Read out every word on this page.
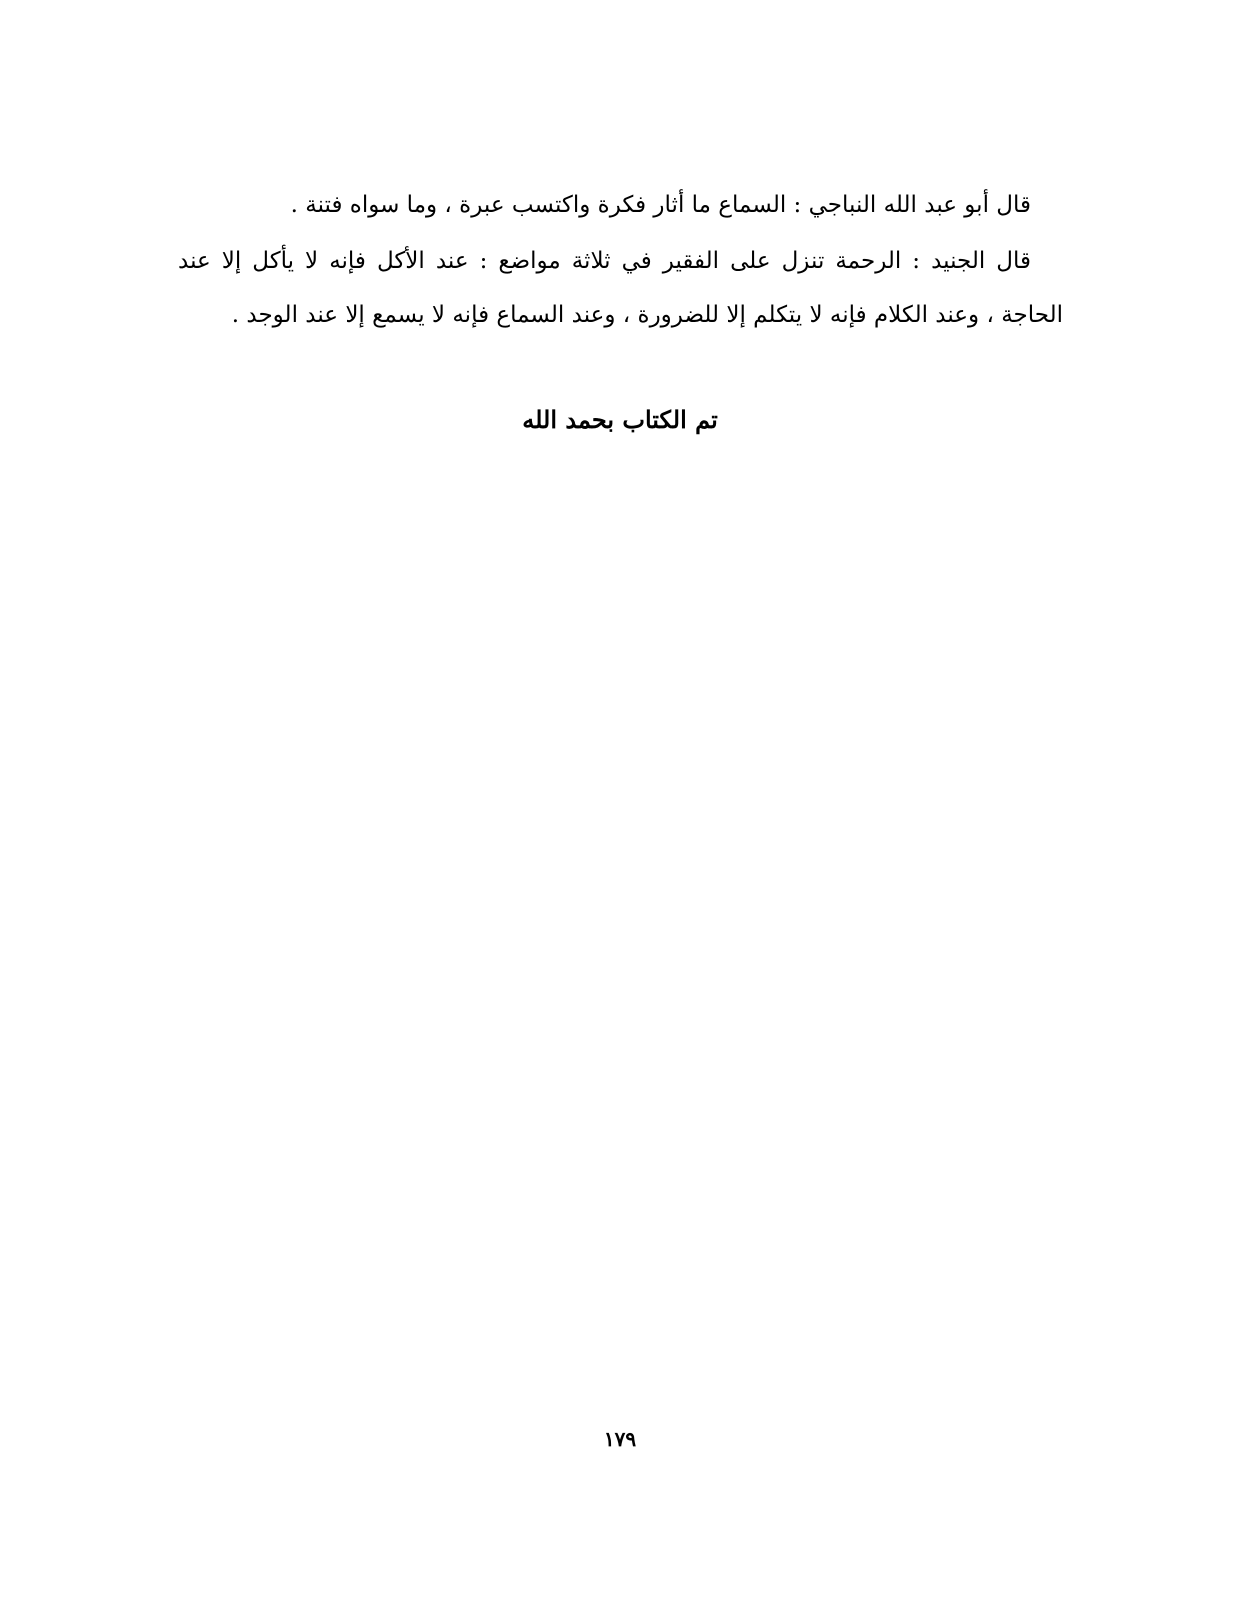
قال أبو عبد الله النباجي : السماع ما أثار فكرة واكتسب عبرة ، وما سواه فتنة .

قال الجنيد : الرحمة تنزل على الفقير في ثلاثة مواضع : عند الأكل فإنه لا يأكل إلا عند الحاجة ، وعند الكلام فإنه لا يتكلم إلا للضرورة ، وعند السماع فإنه لا يسمع إلا عند الوجد .

تم الكتاب بحمد الله
١٧٩
